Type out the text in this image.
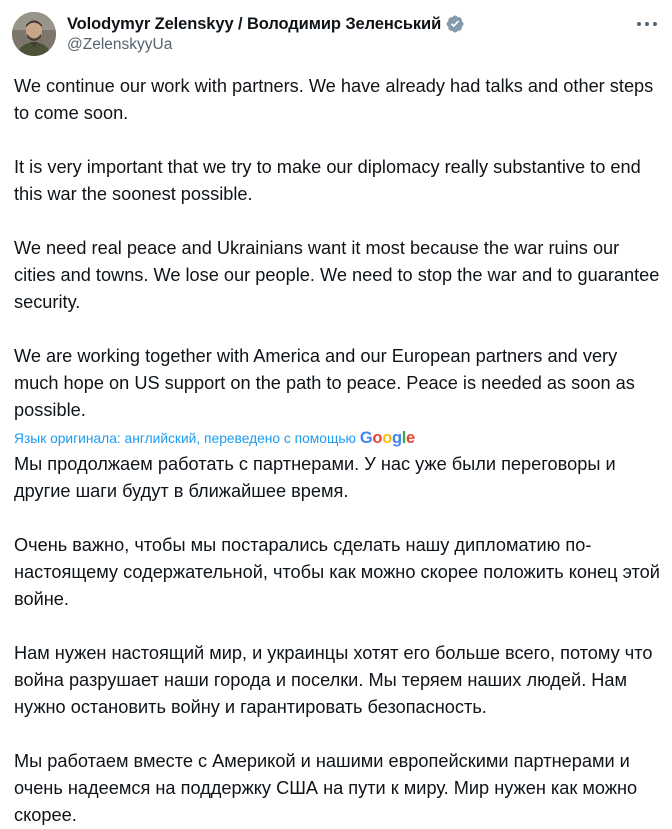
Volodymyr Zelenskyy / Володимир Зеленський
@ZelenskyyUa

We continue our work with partners. We have already had talks and other steps to come soon.

It is very important that we try to make our diplomacy really substantive to end this war the soonest possible.

We need real peace and Ukrainians want it most because the war ruins our cities and towns. We lose our people. We need to stop the war and to guarantee security.

We are working together with America and our European partners and very much hope on US support on the path to peace. Peace is needed as soon as possible.

Язык оригинала: английский, переведено с помощью Google

Мы продолжаем работать с партнерами. У нас уже были переговоры и другие шаги будут в ближайшее время.

Очень важно, чтобы мы постарались сделать нашу дипломатию по-настоящему содержательной, чтобы как можно скорее положить конец этой войне.

Нам нужен настоящий мир, и украинцы хотят его больше всего, потому что война разрушает наши города и поселки. Мы теряем наших людей. Нам нужно остановить войну и гарантировать безопасность.

Мы работаем вместе с Америкой и нашими европейскими партнерами и очень надеемся на поддержку США на пути к миру. Мир нужен как можно скорее.
